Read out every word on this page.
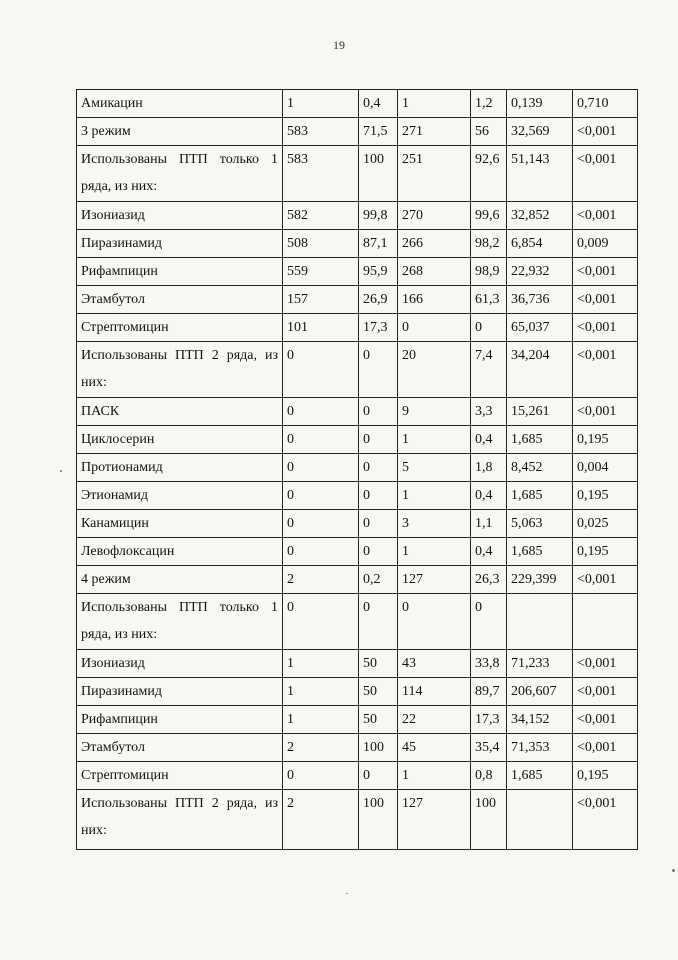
19
Амикацин	1	0,4	1	1,2	0,139	0,710
3 режим	583	71,5	271	56	32,569	<0,001
Использованы ПТП только 1 ряда, из них:	583	100	251	92,6	51,143	<0,001
Изониазид	582	99,8	270	99,6	32,852	<0,001
Пиразинамид	508	87,1	266	98,2	6,854	0,009
Рифампицин	559	95,9	268	98,9	22,932	<0,001
Этамбутол	157	26,9	166	61,3	36,736	<0,001
Стрептомицин	101	17,3	0	0	65,037	<0,001
Использованы ПТП 2 ряда, из них:	0	0	20	7,4	34,204	<0,001
ПАСК	0	0	9	3,3	15,261	<0,001
Циклосерин	0	0	1	0,4	1,685	0,195
Протионамид	0	0	5	1,8	8,452	0,004
Этионамид	0	0	1	0,4	1,685	0,195
Канамицин	0	0	3	1,1	5,063	0,025
Левофлоксацин	0	0	1	0,4	1,685	0,195
4 режим	2	0,2	127	26,3	229,399	<0,001
Использованы ПТП только 1 ряда, из них:	0	0	0	0		
Изониазид	1	50	43	33,8	71,233	<0,001
Пиразинамид	1	50	114	89,7	206,607	<0,001
Рифампицин	1	50	22	17,3	34,152	<0,001
Этамбутол	2	100	45	35,4	71,353	<0,001
Стрептомицин	0	0	1	0,8	1,685	0,195
Использованы ПТП 2 ряда, из них:	2	100	127	100		<0,001
